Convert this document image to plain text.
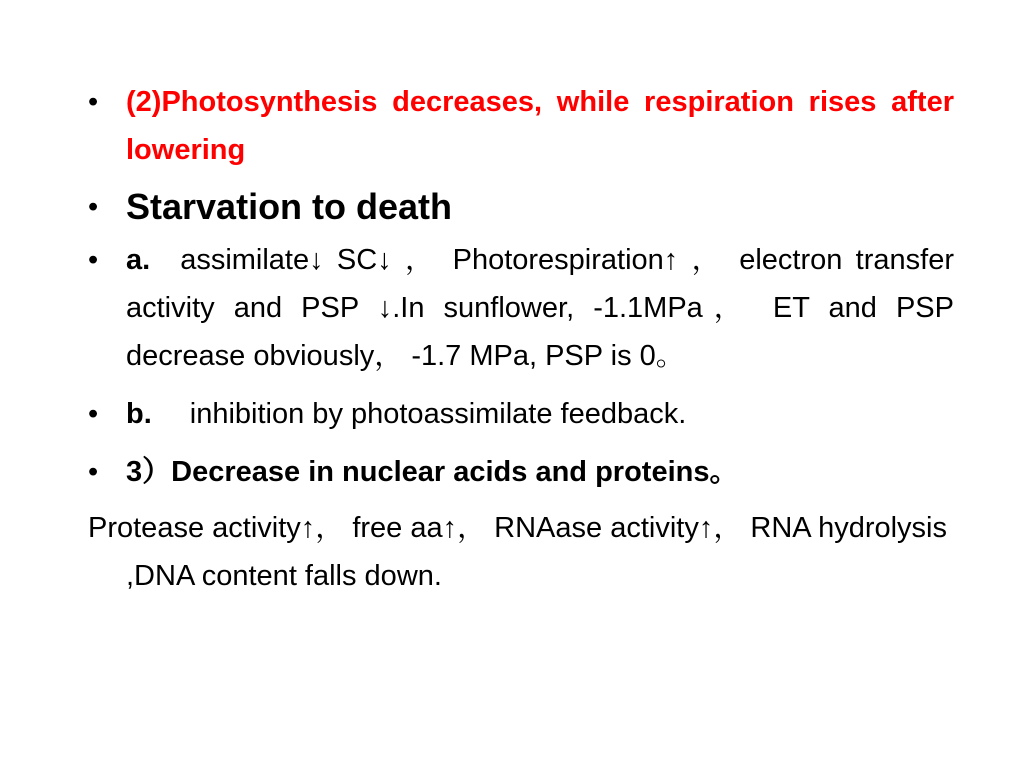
• (2)Photosynthesis decreases, while respiration rises after lowering

• Starvation to death

• a. assimilate↓ SC↓ ， Photorespiration↑ ， electron transfer activity and PSP ↓.In sunflower, -1.1MPa， ET and PSP decrease obviously， -1.7 MPa, PSP is 0。

• b. inhibition by photoassimilate feedback.

• 3）Decrease in nuclear acids and proteins。

Protease activity↑， free aa↑， RNAase activity↑， RNA hydrolysis ,DNA content falls down.
